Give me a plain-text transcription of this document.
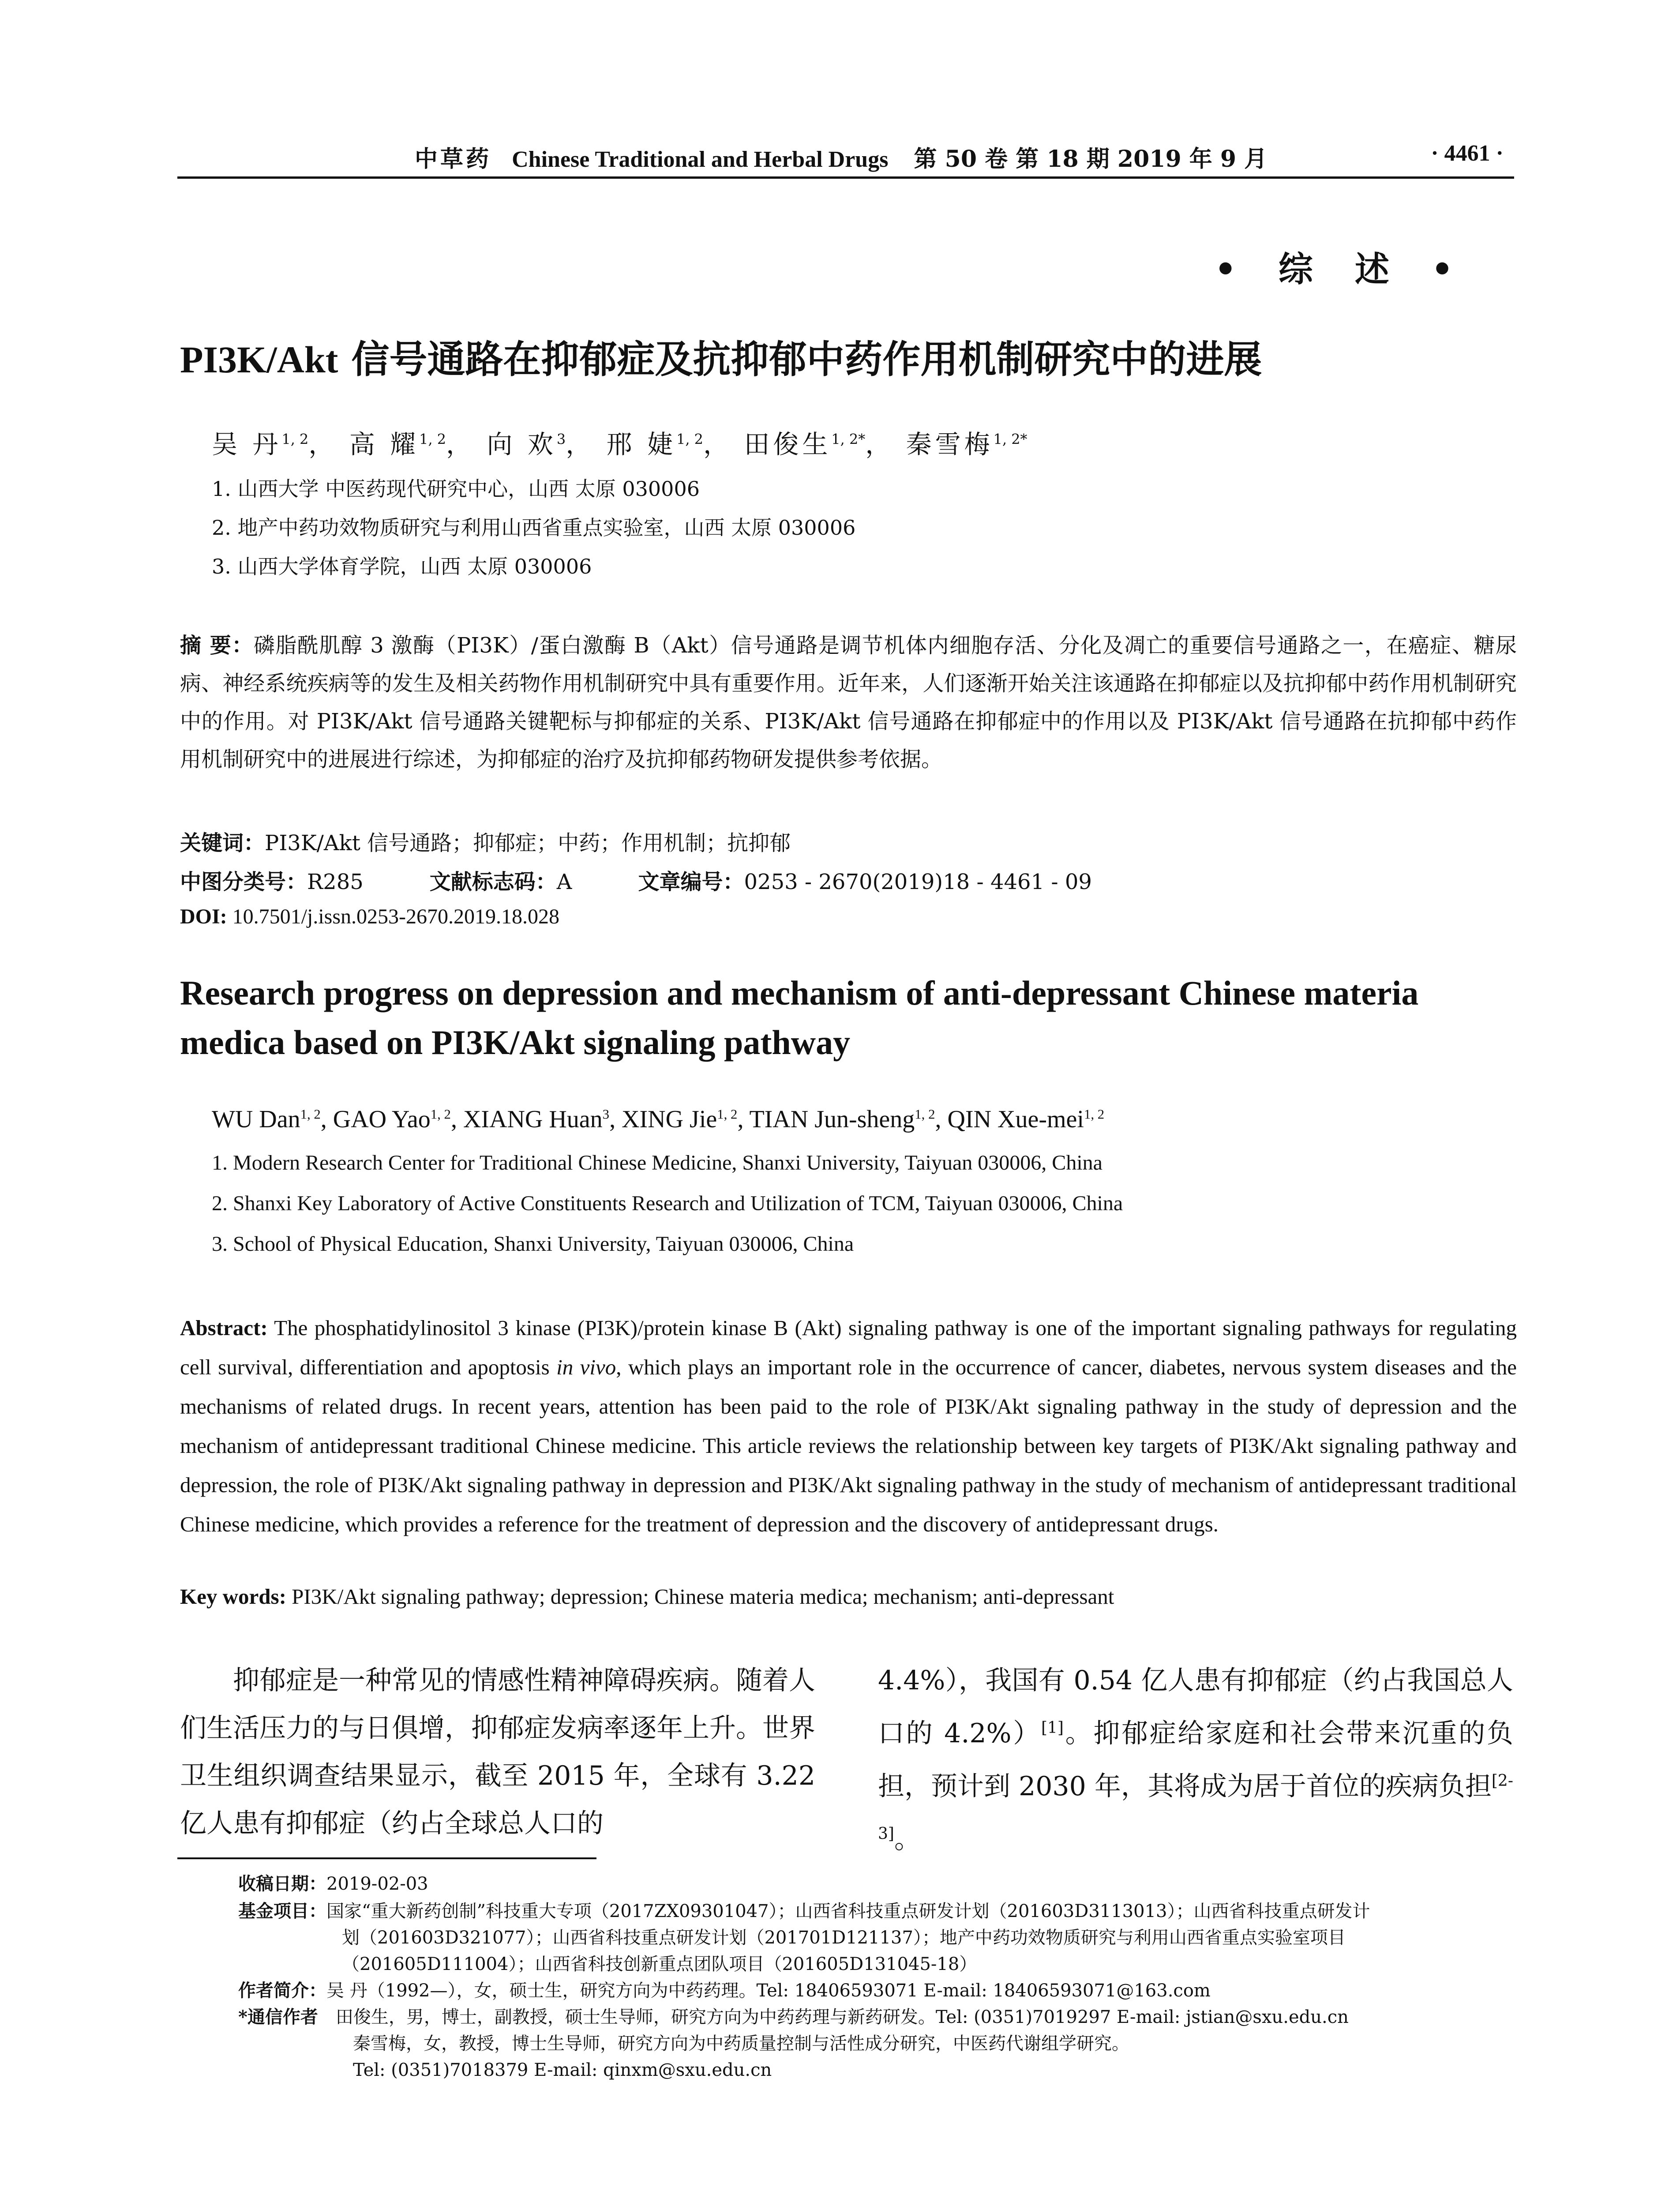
中草药 Chinese Traditional and Herbal Drugs 第 50 卷 第 18 期 2019 年 9 月	· 4461 ·
• 综 述 •
PI3K/Akt 信号通路在抑郁症及抗抑郁中药作用机制研究中的进展
吴 丹$^{1, 2}$， 高 耀$^{1, 2}$， 向 欢$^3$， 邢 婕$^{1, 2}$， 田俊生$^{1, 2*}$， 秦雪梅$^{1, 2*}$
1. 山西大学 中医药现代研究中心，山西 太原 030006
2. 地产中药功效物质研究与利用山西省重点实验室，山西 太原 030006
3. 山西大学体育学院，山西 太原 030006
摘 要：磷脂酰肌醇 3 激酶（PI3K）/蛋白激酶 B（Akt）信号通路是调节机体内细胞存活、分化及凋亡的重要信号通路之一，在癌症、糖尿病、神经系统疾病等的发生及相关药物作用机制研究中具有重要作用。近年来，人们逐渐开始关注该通路在抑郁症以及抗抑郁中药作用机制研究中的作用。对 PI3K/Akt 信号通路关键靶标与抑郁症的关系、PI3K/Akt 信号通路在抑郁症中的作用以及 PI3K/Akt 信号通路在抗抑郁中药作用机制研究中的进展进行综述，为抑郁症的治疗及抗抑郁药物研发提供参考依据。
关键词：PI3K/Akt 信号通路；抑郁症；中药；作用机制；抗抑郁
中图分类号：R285	文献标志码：A	文章编号：0253 - 2670(2019)18 - 4461 - 09
DOI: 10.7501/j.issn.0253-2670.2019.18.028
Research progress on depression and mechanism of anti-depressant Chinese materia medica based on PI3K/Akt signaling pathway
WU Dan$^{1, 2}$, GAO Yao$^{1, 2}$, XIANG Huan$^3$, XING Jie$^{1, 2}$, TIAN Jun-sheng$^{1, 2}$, QIN Xue-mei$^{1, 2}$
1. Modern Research Center for Traditional Chinese Medicine, Shanxi University, Taiyuan 030006, China
2. Shanxi Key Laboratory of Active Constituents Research and Utilization of TCM, Taiyuan 030006, China
3. School of Physical Education, Shanxi University, Taiyuan 030006, China
Abstract: The phosphatidylinositol 3 kinase (PI3K)/protein kinase B (Akt) signaling pathway is one of the important signaling pathways for regulating cell survival, differentiation and apoptosis in vivo, which plays an important role in the occurrence of cancer, diabetes, nervous system diseases and the mechanisms of related drugs. In recent years, attention has been paid to the role of PI3K/Akt signaling pathway in the study of depression and the mechanism of antidepressant traditional Chinese medicine. This article reviews the relationship between key targets of PI3K/Akt signaling pathway and depression, the role of PI3K/Akt signaling pathway in depression and PI3K/Akt signaling pathway in the study of mechanism of antidepressant traditional Chinese medicine, which provides a reference for the treatment of depression and the discovery of antidepressant drugs.
Key words: PI3K/Akt signaling pathway; depression; Chinese materia medica; mechanism; anti-depressant
　　抑郁症是一种常见的情感性精神障碍疾病。随着人们生活压力的与日俱增，抑郁症发病率逐年上升。世界卫生组织调查结果显示，截至 2015 年，全球有 3.22 亿人患有抑郁症（约占全球总人口的
4.4%），我国有 0.54 亿人患有抑郁症（约占我国总人口的 4.2%）[1]。抑郁症给家庭和社会带来沉重的负担，预计到 2030 年，其将成为居于首位的疾病负担[2-3]。
收稿日期：2019-02-03
基金项目：国家“重大新药创制”科技重大专项（2017ZX09301047）；山西省科技重点研发计划（201603D3113013）；山西省科技重点研发计
划（201603D321077）；山西省科技重点研发计划（201701D121137）；地产中药功效物质研究与利用山西省重点实验室项目
（201605D111004）；山西省科技创新重点团队项目（201605D131045-18）
作者简介：吴 丹（1992—），女，硕士生，研究方向为中药药理。Tel: 18406593071 E-mail: 18406593071@163.com
*通信作者　 田俊生，男，博士，副教授，硕士生导师，研究方向为中药药理与新药研发。Tel: (0351)7019297 E-mail: jstian@sxu.edu.cn
秦雪梅，女，教授，博士生导师，研究方向为中药质量控制与活性成分研究，中医药代谢组学研究。
Tel: (0351)7018379 E-mail: qinxm@sxu.edu.cn
